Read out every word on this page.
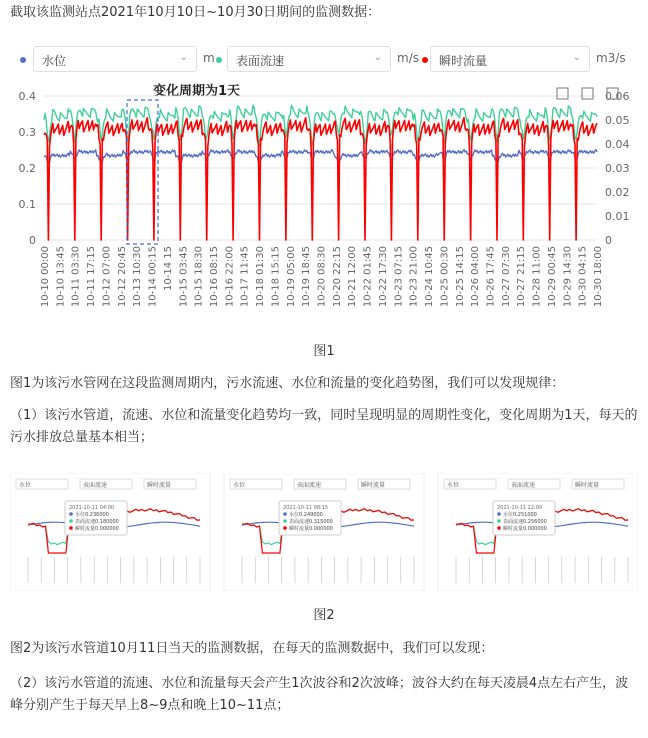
截取该监测站点2021年10月10日~10月30日期间的监测数据：
水位	⌄ m	表面流速	⌄ m/s	瞬时流量	⌄ m3/s
变化周期为1天
0.4
0.3
0.2
0.1
0
0.06
0.05
0.04
0.03
0.02
0.01
0
10-10 00:00 10-10 13:45 10-11 03:30 10-11 17:15 10-12 07:00 10-12 20:45 10-13 10:30 10-14 00:15 10-14 15 10-15 03:45 10-15 18:30 10-16 08:15 10-16 22:00 10-17 11:45 10-18 01:30 10-18 15:15 10-19 05:00 10-19 18:45 10-20 08:30 10-20 22:15 10-21 12:00 10-22 01:45 10-22 17:30 10-23 07:15 10-23 21:00 10-24 10:45 10-25 00:30 10-25 14:15 10-26 04:00 10-26 17:45 10-27 07:30 10-27 21:15 10-28 11:00 10-29 00:45 10-29 14:30 10-30 04:15 10-30 18:00
图1
图1为该污水管网在这段监测周期内，污水流速、水位和流量的变化趋势图，我们可以发现规律：
（1）该污水管道，流速、水位和流量变化趋势均一致，同时呈现明显的周期性变化，变化周期为1天，每天的污水排放总量基本相当；
水位	表面流速	瞬时流量
2021-10-11 04:00
水位0.236000
表面流速0.180000
瞬时流量0.000000
水位	表面流速	瞬时流量
2021-10-11 08:15
水位0.249000
表面流速0.315000
瞬时流量0.000000
水位	表面流速	瞬时流量
2021-10-11 22:00
水位0.251000
表面流速0.256000
瞬时流量0.000000
图2
图2为该污水管道10月11日当天的监测数据，在每天的监测数据中，我们可以发现：
（2）该污水管道的流速、水位和流量每天会产生1次波谷和2次波峰；波谷大约在每天凌晨4点左右产生，波峰分别产生于每天早上8~9点和晚上10~11点；
